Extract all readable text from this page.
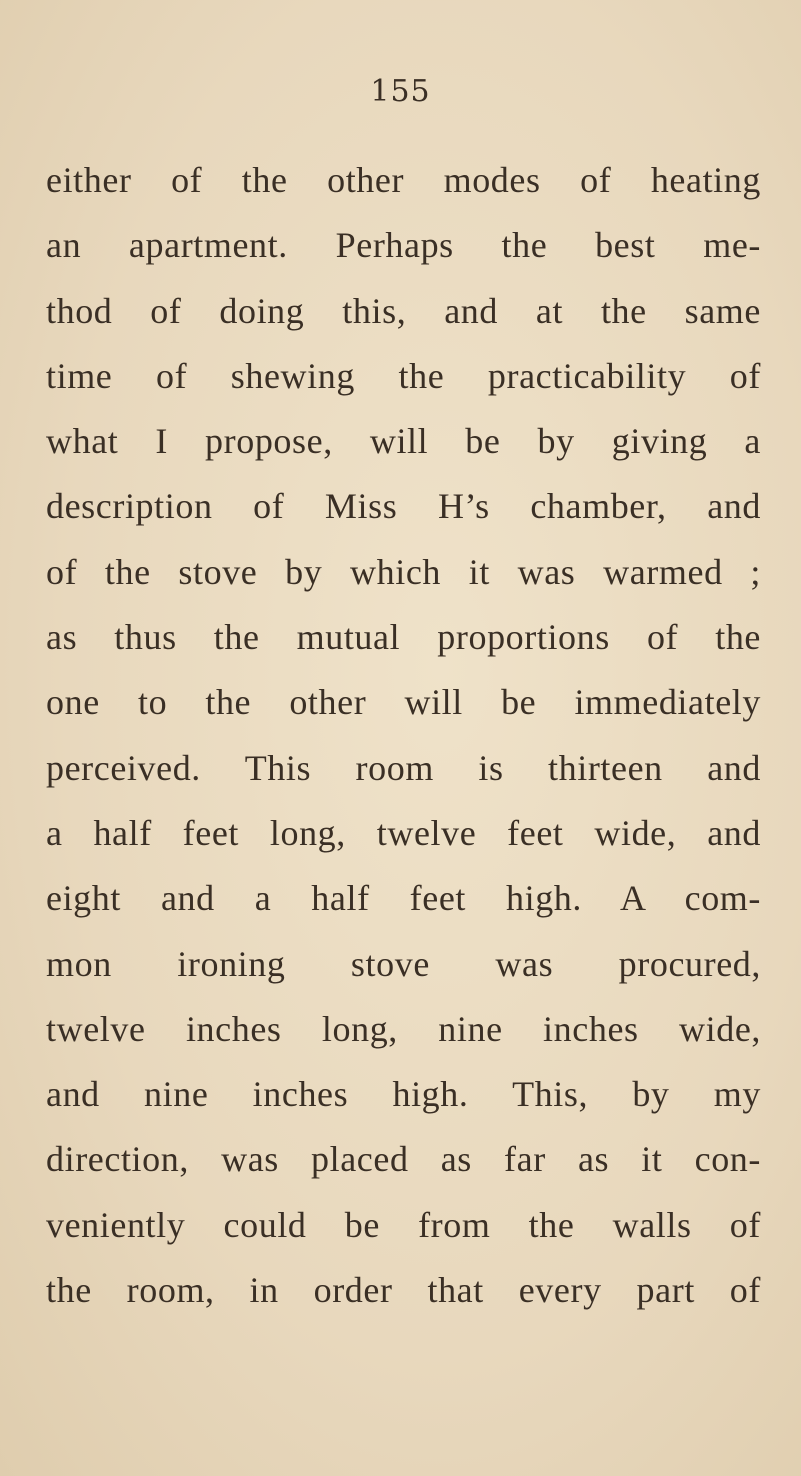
155
either of the other modes of heating
an apartment. Perhaps the best me-
thod of doing this, and at the same
time of shewing the practicability of
what I propose, will be by giving a
description of Miss H’s chamber, and
of the stove by which it was warmed ;
as thus the mutual proportions of the
one to the other will be immediately
perceived. This room is thirteen and
a half feet long, twelve feet wide, and
eight and a half feet high. A com-
mon ironing stove was procured,
twelve inches long, nine inches wide,
and nine inches high. This, by my
direction, was placed as far as it con-
veniently could be from the walls of
the room, in order that every part of
